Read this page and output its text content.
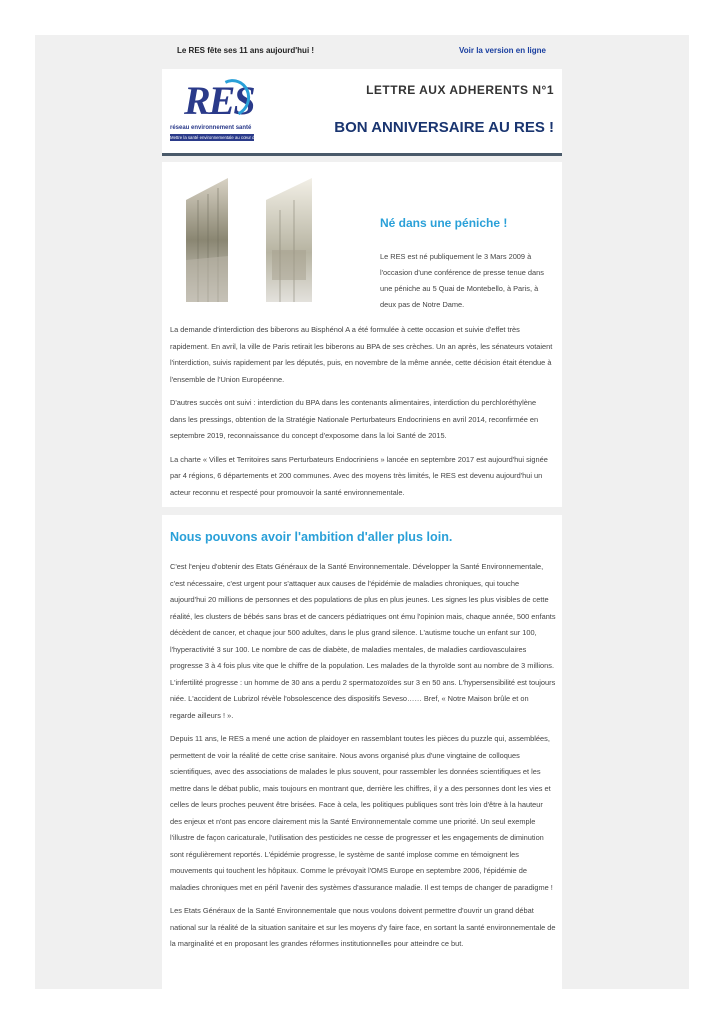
Le RES fête ses 11 ans aujourd'hui !	Voir la version en ligne
RES
réseau environnement santé
Mettre la santé environnementale au cœur des politiques publiques
LETTRE AUX ADHERENTS N°1
BON ANNIVERSAIRE AU RES !
Né dans une péniche !
Le RES est né publiquement le 3 Mars 2009 à l'occasion d'une conférence de presse tenue dans une péniche au 5 Quai de Montebello, à Paris, à deux pas de Notre Dame.

La demande d'interdiction des biberons au Bisphénol A a été formulée à cette occasion et suivie d'effet très rapidement. En avril, la ville de Paris retirait les biberons au BPA de ses crèches. Un an après, les sénateurs votaient l'interdiction, suivis rapidement par les députés, puis, en novembre de la même année, cette décision était étendue à l'ensemble de l'Union Européenne.

D'autres succès ont suivi : interdiction du BPA dans les contenants alimentaires, interdiction du perchloréthylène dans les pressings, obtention de la Stratégie Nationale Perturbateurs Endocriniens en avril 2014, reconfirmée en septembre 2019, reconnaissance du concept d'exposome dans la loi Santé de 2015.

La charte « Villes et Territoires sans Perturbateurs Endocriniens » lancée en septembre 2017 est aujourd'hui signée par 4 régions, 6 départements et 200 communes. Avec des moyens très limités, le RES est devenu aujourd'hui un acteur reconnu et respecté pour promouvoir la santé environnementale.

Nous pouvons avoir l'ambition d'aller plus loin.

C'est l'enjeu d'obtenir des Etats Généraux de la Santé Environnementale. Développer la Santé Environnementale, c'est nécessaire, c'est urgent pour s'attaquer aux causes de l'épidémie de maladies chroniques, qui touche aujourd'hui 20 millions de personnes et des populations de plus en plus jeunes. Les signes les plus visibles de cette réalité, les clusters de bébés sans bras et de cancers pédiatriques ont ému l'opinion mais, chaque année, 500 enfants décèdent de cancer, et chaque jour 500 adultes, dans le plus grand silence. L'autisme touche un enfant sur 100, l'hyperactivité 3 sur 100. Le nombre de cas de diabète, de maladies mentales, de maladies cardiovasculaires progresse 3 à 4 fois plus vite que le chiffre de la population. Les malades de la thyroïde sont au nombre de 3 millions. L'infertilité progresse : un homme de 30 ans a perdu 2 spermatozoïdes sur 3 en 50 ans. L'hypersensibilité est toujours niée. L'accident de Lubrizol révèle l'obsolescence des dispositifs Seveso…… Bref, « Notre Maison brûle et on regarde ailleurs ! ».

Depuis 11 ans, le RES a mené une action de plaidoyer en rassemblant toutes les pièces du puzzle qui, assemblées, permettent de voir la réalité de cette crise sanitaire. Nous avons organisé plus d'une vingtaine de colloques scientifiques, avec des associations de malades le plus souvent, pour rassembler les données scientifiques et les mettre dans le débat public, mais toujours en montrant que, derrière les chiffres, il y a des personnes dont les vies et celles de leurs proches peuvent être brisées. Face à cela, les politiques publiques sont très loin d'être à la hauteur des enjeux et n'ont pas encore clairement mis la Santé Environnementale comme une priorité. Un seul exemple l'illustre de façon caricaturale, l'utilisation des pesticides ne cesse de progresser et les engagements de diminution sont régulièrement reportés. L'épidémie progresse, le système de santé implose comme en témoignent les mouvements qui touchent les hôpitaux. Comme le prévoyait l'OMS Europe en septembre 2006, l'épidémie de maladies chroniques met en péril l'avenir des systèmes d'assurance maladie. Il est temps de changer de paradigme !

Les Etats Généraux de la Santé Environnementale que nous voulons doivent permettre d'ouvrir un grand débat national sur la réalité de la situation sanitaire et sur les moyens d'y faire face, en sortant la santé environnementale de la marginalité et en proposant les grandes réformes institutionnelles pour atteindre ce but.
